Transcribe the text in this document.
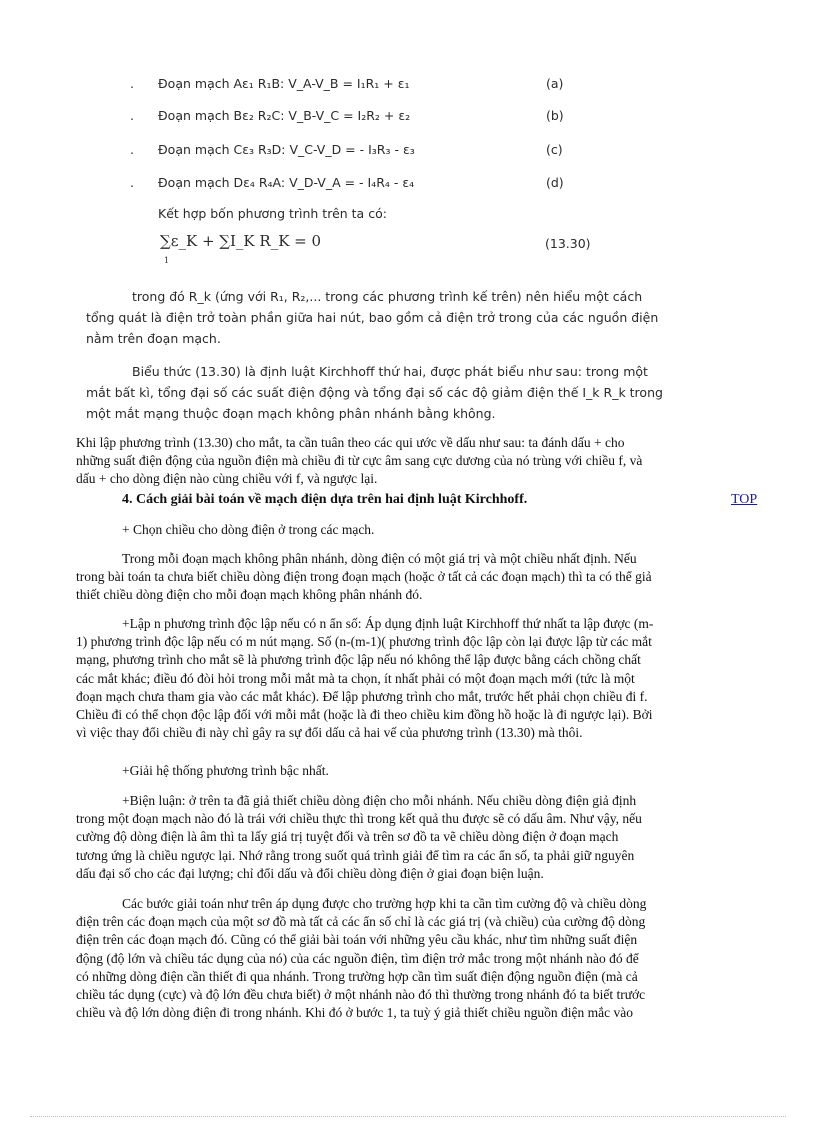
. Đoạn mạch Aε₁ R₁B: V_A-V_B = I₁R₁ + ε₁	(a)
. Đoạn mạch Bε₂ R₂C: V_B-V_C = I₂R₂ + ε₂	(b)
. Đoạn mạch Cε₃ R₃D: V_C-V_D = - I₃R₃ - ε₃	(c)
. Đoạn mạch Dε₄ R₄A: V_D-V_A = - I₄R₄ - ε₄	(d)
Kết hợp bốn phương trình trên ta có:
∑ε_K + ∑I_K R_K = 0
1
(13.30)
trong đó R_k (ứng với R₁, R₂,... trong các phương trình kế trên) nên hiểu một cách
tổng quát là điện trở toàn phần giữa hai nút, bao gồm cả điện trở trong của các nguồn điện
nằm trên đoạn mạch.
Biểu thức (13.30) là định luật Kirchhoff thứ hai, được phát biểu như sau: trong một
mắt bất kì, tổng đại số các suất điện động và tổng đại số các độ giảm điện thế I_k R_k trong
một mắt mạng thuộc đoạn mạch không phân nhánh bằng không.
Khi lập phương trình (13.30) cho mắt, ta cần tuân theo các qui ước về dấu như sau: ta đánh dấu + cho
những suất điện động của nguồn điện mà chiều đi từ cực âm sang cực dương của nó trùng với chiều f, và
dấu + cho dòng điện nào cùng chiều với f, và ngược lại.
4. Cách giải bài toán về mạch điện dựa trên hai định luật Kirchhoff.	TOP
+ Chọn chiều cho dòng điện ở trong các mạch.
Trong mỗi đoạn mạch không phân nhánh, dòng điện có một giá trị và một chiều nhất định. Nếu
trong bài toán ta chưa biết chiều dòng điện trong đoạn mạch (hoặc ở tất cả các đoạn mạch) thì ta có thể giả
thiết chiều dòng điện cho mỗi đoạn mạch không phân nhánh đó.
+Lập n phương trình độc lập nếu có n ẩn số: Áp dụng định luật Kirchhoff thứ nhất ta lập được (m-
1) phương trình độc lập nếu có m nút mạng. Số (n-(m-1)( phương trình độc lập còn lại được lập từ các mắt
mạng, phương trình cho mắt sẽ là phương trình độc lập nếu nó không thể lập được bằng cách chồng chất
các mắt khác; điều đó đòi hỏi trong mỗi mắt mà ta chọn, ít nhất phải có một đoạn mạch mới (tức là một
đoạn mạch chưa tham gia vào các mắt khác). Để lập phương trình cho mắt, trước hết phải chọn chiều đi f.
Chiều đi có thể chọn độc lập đối với mỗi mắt (hoặc là đi theo chiều kim đồng hồ hoặc là đi ngược lại). Bởi
vì việc thay đổi chiều đi này chỉ gây ra sự đổi dấu cả hai vế của phương trình (13.30) mà thôi.
+Giải hệ thống phương trình bậc nhất.
+Biện luận: ở trên ta đã giả thiết chiều dòng điện cho mỗi nhánh. Nếu chiều dòng điện giả định
trong một đoạn mạch nào đó là trái với chiều thực thì trong kết quả thu được sẽ có dấu âm. Như vậy, nếu
cường độ dòng điện là âm thì ta lấy giá trị tuyệt đối và trên sơ đồ ta vẽ chiều dòng điện ở đoạn mạch
tương ứng là chiều ngược lại. Nhớ rằng trong suốt quá trình giải để tìm ra các ẩn số, ta phải giữ nguyên
dấu đại số cho các đại lượng; chỉ đổi dấu và đổi chiều dòng điện ở giai đoạn biện luận.
Các bước giải toán như trên áp dụng được cho trường hợp khi ta cần tìm cường độ và chiều dòng
điện trên các đoạn mạch của một sơ đồ mà tất cả các ẩn số chỉ là các giá trị (và chiều) của cường độ dòng
điện trên các đoạn mạch đó. Cũng có thể giải bài toán với những yêu cầu khác, như tìm những suất điện
động (độ lớn và chiều tác dụng của nó) của các nguồn điện, tìm điện trở mắc trong một nhánh nào đó để
có những dòng điện cần thiết đi qua nhánh. Trong trường hợp cần tìm suất điện động nguồn điện (mà cả
chiều tác dụng (cực) và độ lớn đều chưa biết) ở một nhánh nào đó thì thường trong nhánh đó ta biết trước
chiều và độ lớn dòng điện đi trong nhánh. Khi đó ở bước 1, ta tuỳ ý giả thiết chiều nguồn điện mắc vào
